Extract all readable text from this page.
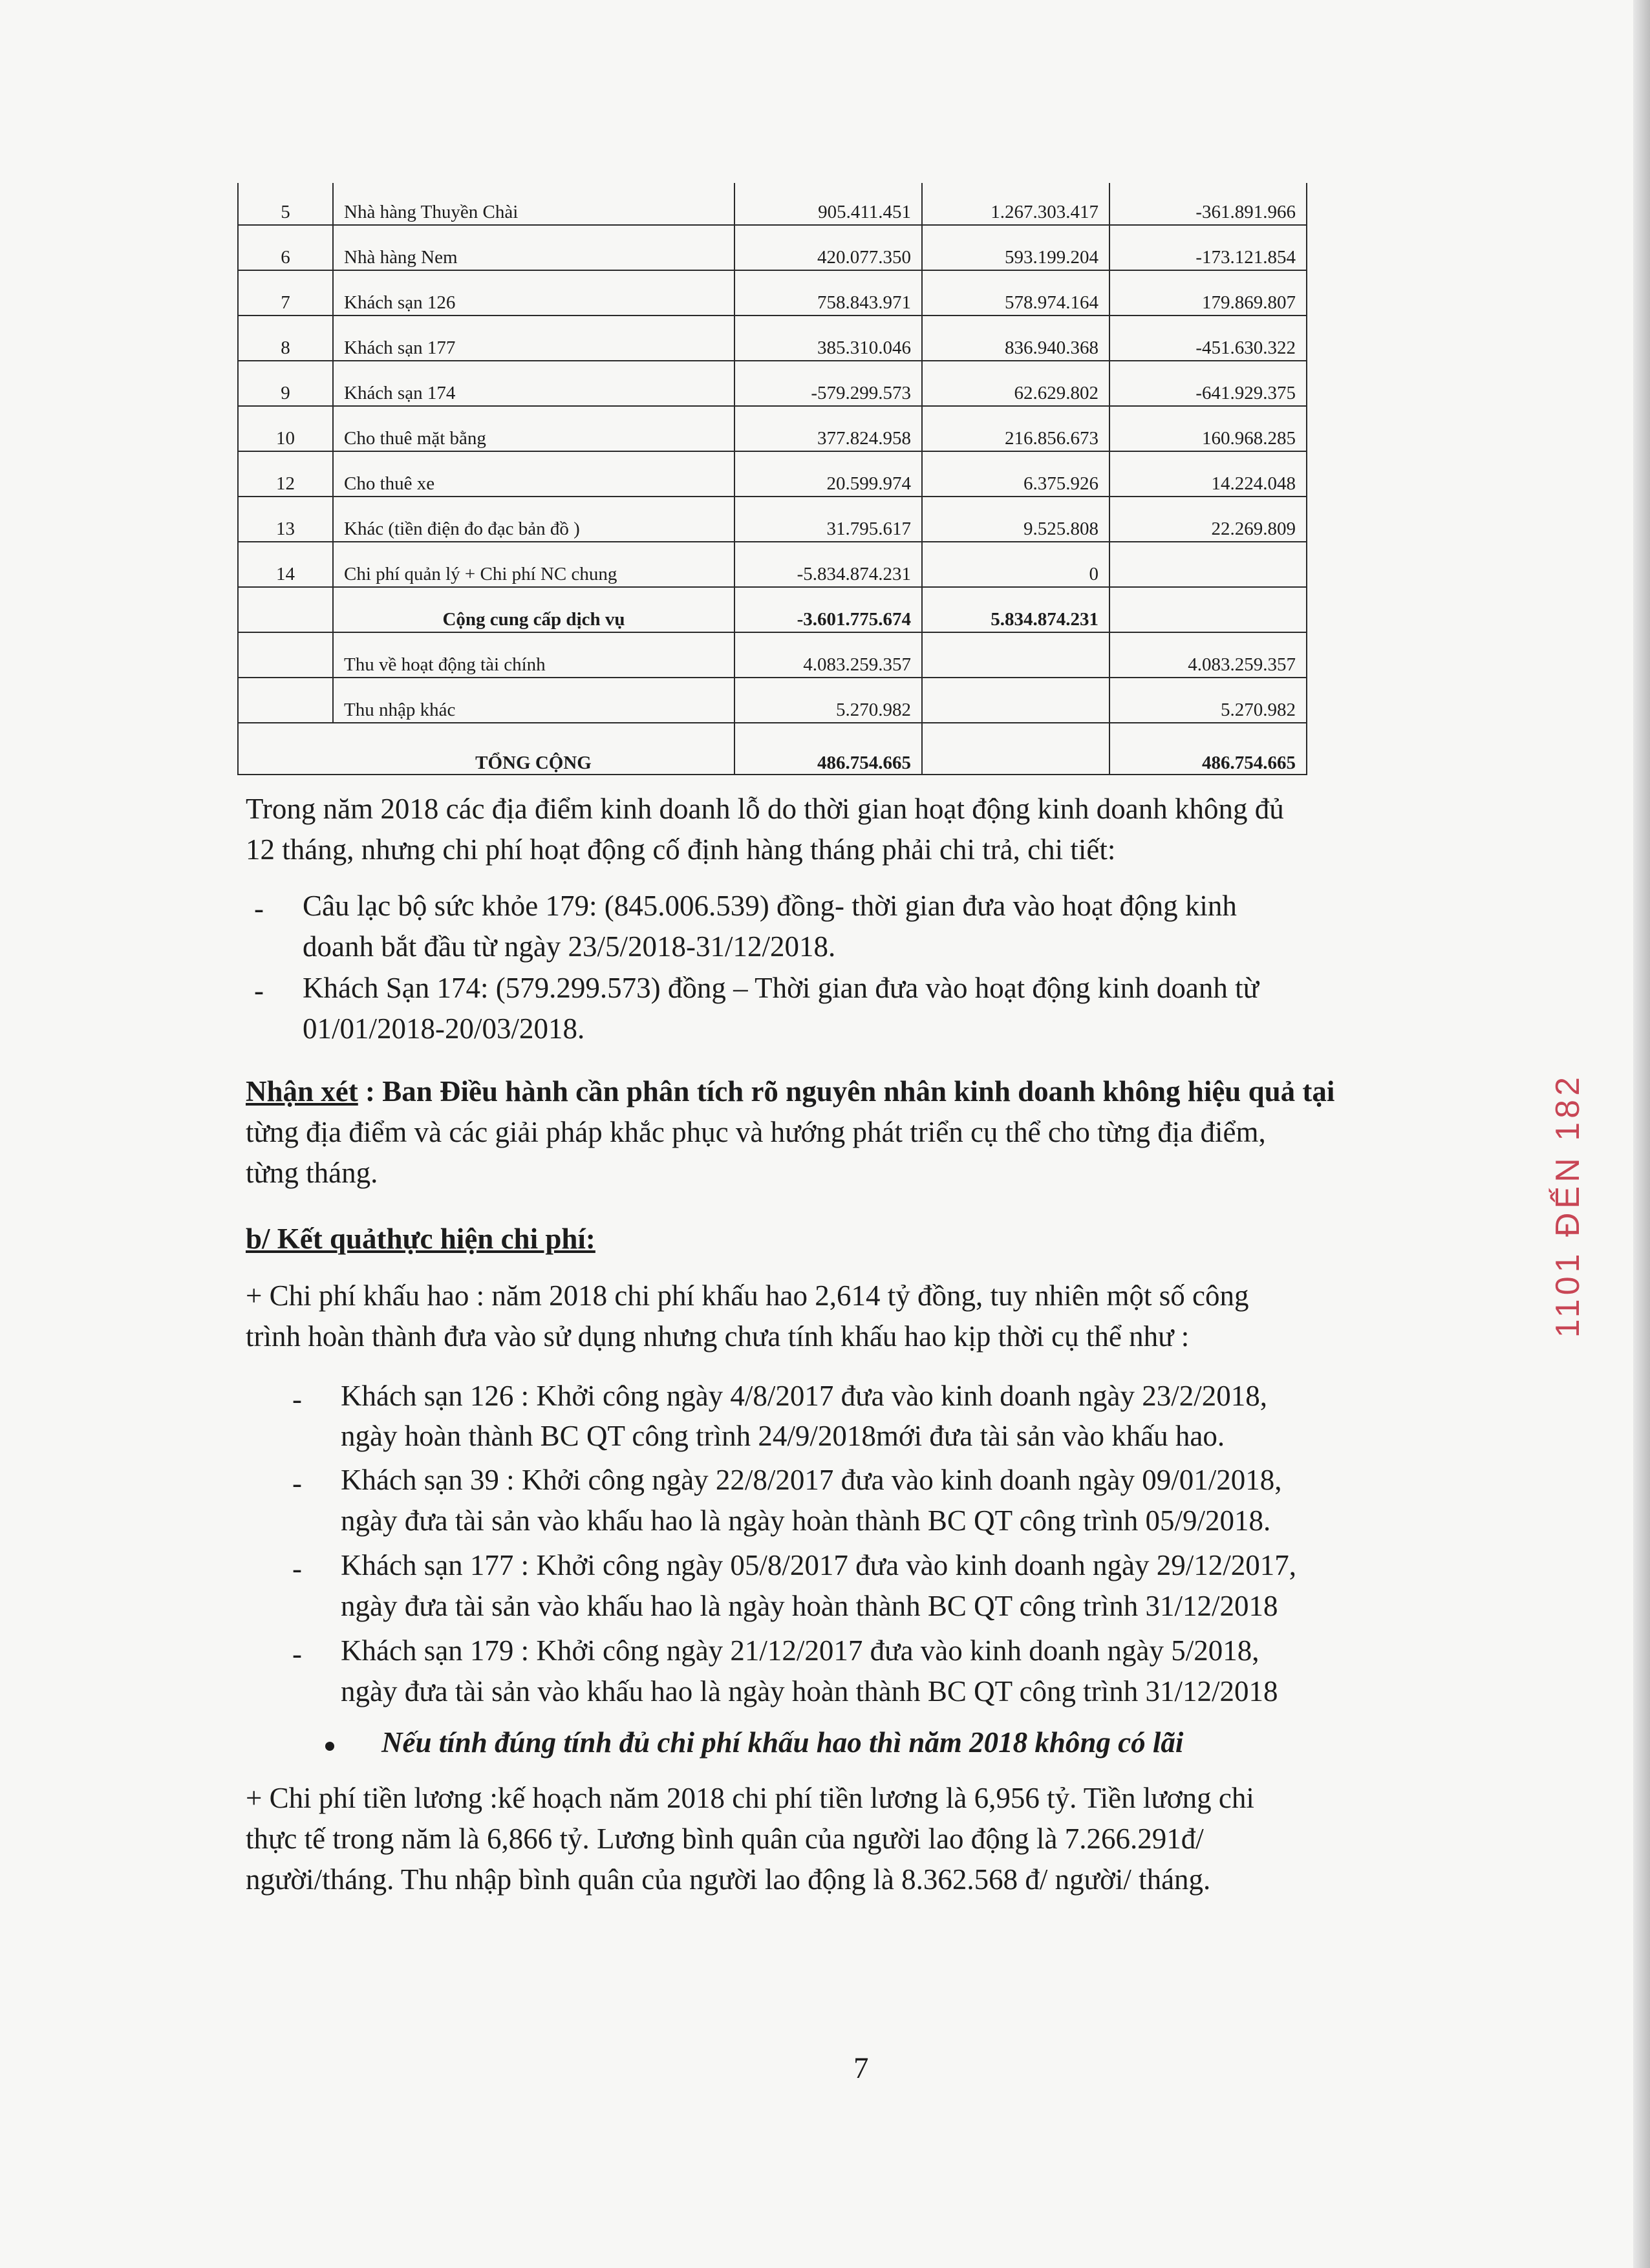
5	Nhà hàng Thuyền Chài	905.411.451	1.267.303.417	-361.891.966
6	Nhà hàng Nem	420.077.350	593.199.204	-173.121.854
7	Khách sạn 126	758.843.971	578.974.164	179.869.807
8	Khách sạn 177	385.310.046	836.940.368	-451.630.322
9	Khách sạn 174	-579.299.573	62.629.802	-641.929.375
10	Cho thuê mặt bằng	377.824.958	216.856.673	160.968.285
12	Cho thuê xe	20.599.974	6.375.926	14.224.048
13	Khác (tiền điện đo đạc bản đồ )	31.795.617	9.525.808	22.269.809
14	Chi phí quản lý + Chi phí NC chung	-5.834.874.231	0	
	Cộng cung cấp dịch vụ	-3.601.775.674	5.834.874.231	
	Thu về hoạt động tài chính	4.083.259.357		4.083.259.357
	Thu nhập khác	5.270.982		5.270.982
	TỔNG CỘNG	486.754.665		486.754.665
Trong năm 2018 các địa điểm kinh doanh lỗ do thời gian hoạt động kinh doanh không đủ
12 tháng, nhưng chi phí hoạt động cố định hàng tháng phải chi trả, chi tiết:
- Câu lạc bộ sức khỏe 179: (845.006.539) đồng- thời gian đưa vào hoạt động kinh
doanh bắt đầu từ ngày 23/5/2018-31/12/2018.
- Khách Sạn 174: (579.299.573) đồng – Thời gian đưa vào hoạt động kinh doanh từ
01/01/2018-20/03/2018.
Nhận xét : Ban Điều hành cần phân tích rõ nguyên nhân kinh doanh không hiệu quả tại
từng địa điểm và các giải pháp khắc phục và hướng phát triển cụ thể cho từng địa điểm,
từng tháng.
b/ Kết quảthực hiện chi phí:
+ Chi phí khấu hao : năm 2018 chi phí khấu hao 2,614 tỷ đồng, tuy nhiên một số công
trình hoàn thành đưa vào sử dụng nhưng chưa tính khấu hao kịp thời cụ thể như :
- Khách sạn 126 : Khởi công ngày 4/8/2017 đưa vào kinh doanh ngày 23/2/2018,
ngày hoàn thành BC QT công trình 24/9/2018mới đưa tài sản vào khấu hao.
- Khách sạn 39 : Khởi công ngày 22/8/2017 đưa vào kinh doanh ngày 09/01/2018,
ngày đưa tài sản vào khấu hao là ngày hoàn thành BC QT công trình 05/9/2018.
- Khách sạn 177 : Khởi công ngày 05/8/2017 đưa vào kinh doanh ngày 29/12/2017,
ngày đưa tài sản vào khấu hao là ngày hoàn thành BC QT công trình 31/12/2018
- Khách sạn 179 : Khởi công ngày 21/12/2017 đưa vào kinh doanh ngày 5/2018,
ngày đưa tài sản vào khấu hao là ngày hoàn thành BC QT công trình 31/12/2018
Nếu tính đúng tính đủ chi phí khấu hao thì năm 2018 không có lãi
+ Chi phí tiền lương :kế hoạch năm 2018 chi phí tiền lương là 6,956 tỷ. Tiền lương chi
thực tế trong năm là 6,866 tỷ. Lương bình quân của người lao động là 7.266.291đ/
người/tháng. Thu nhập bình quân của người lao động là 8.362.568 đ/ người/ tháng.
7
1101 ĐẾN 182
